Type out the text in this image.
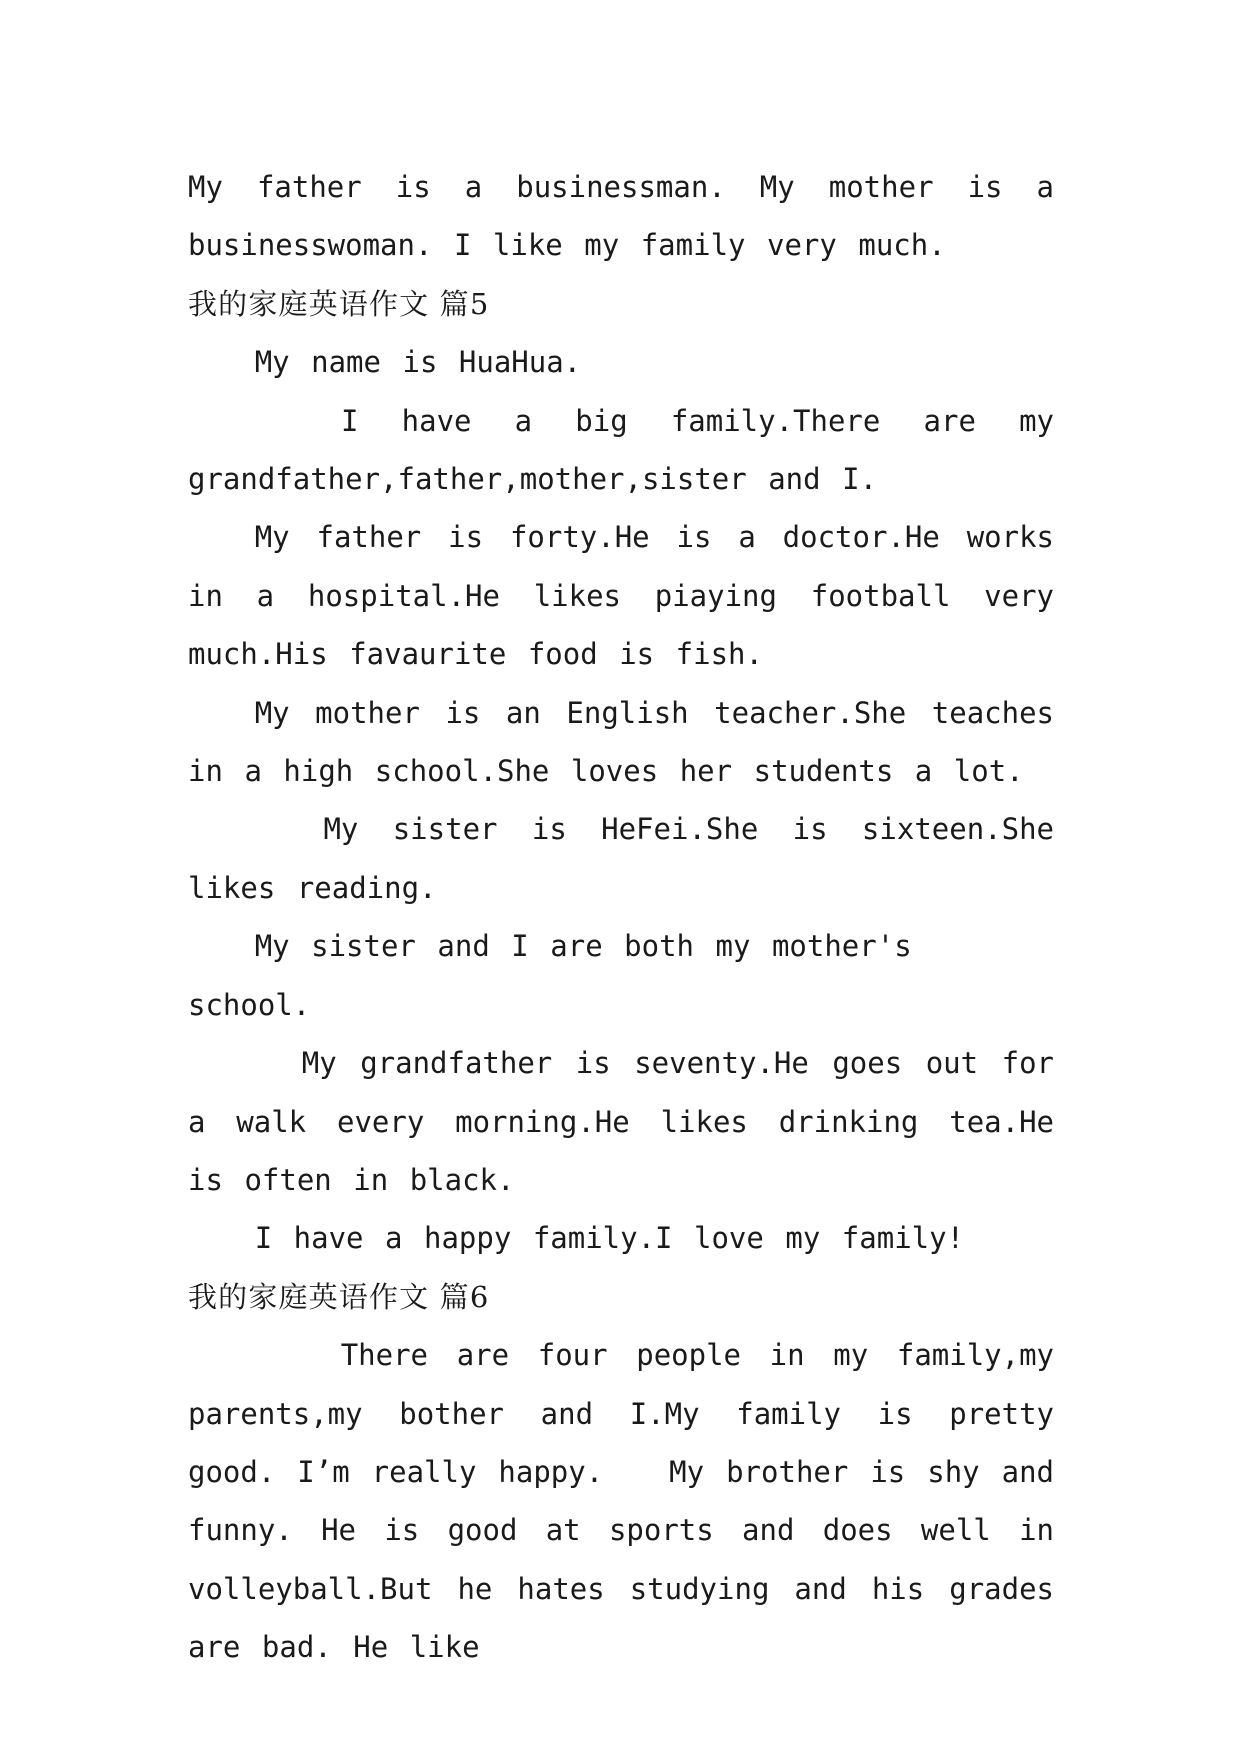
My father is a businessman. My mother is a businesswoman. I like my family very much.

我的家庭英语作文 篇5

My name is HuaHua.

I have a big family.There are my grandfather,father,mother,sister and I.

My father is forty.He is a doctor.He works in a hospital.He likes piaying football very much.His favaurite food is fish.

My mother is an English teacher.She teaches in a high school.She loves her students a lot.

My sister is HeFei.She is sixteen.She likes reading.

My sister and I are both my mother's school.

My grandfather is seventy.He goes out for a walk every morning.He likes drinking tea.He is often in black.

I have a happy family.I love my family!

我的家庭英语作文 篇6

There are four people in my family,my parents,my bother and I.My family is pretty good. I’m really happy.   My brother is shy and funny. He is good at sports and does well in volleyball.But he hates studying and his grades are bad. He like
